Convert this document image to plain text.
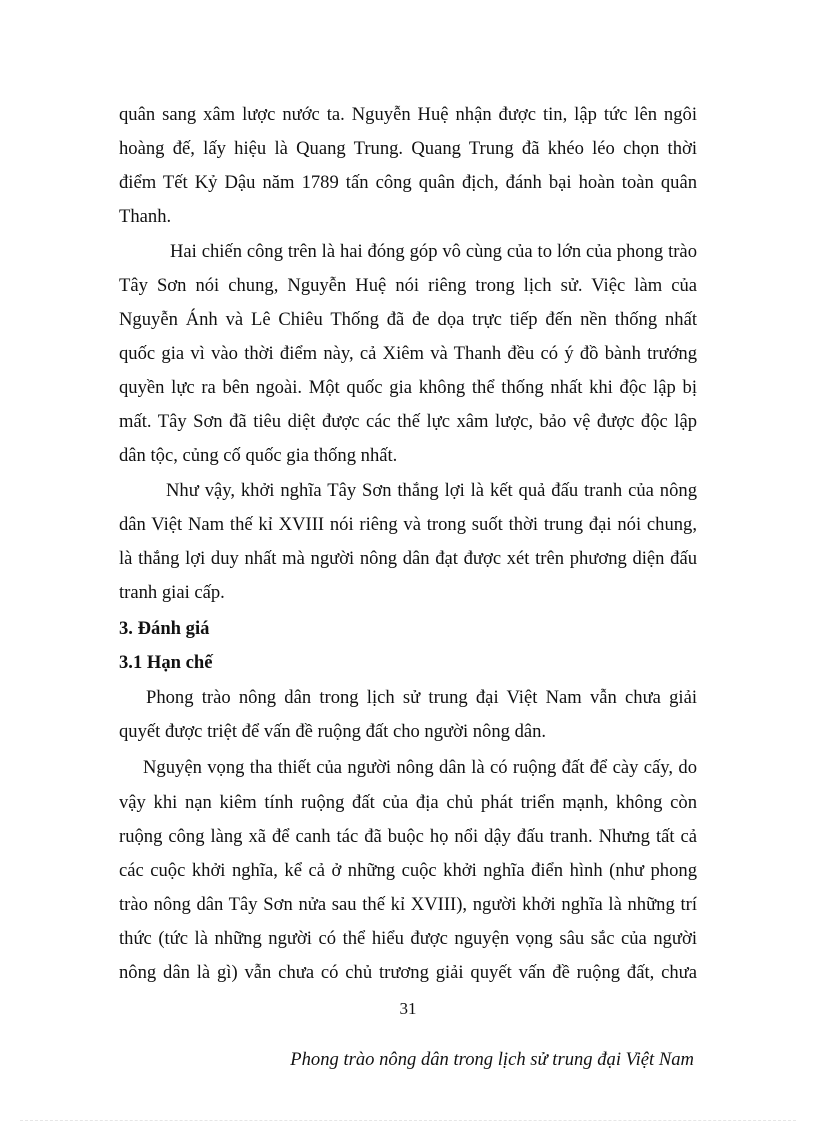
quân sang xâm lược nước ta. Nguyễn Huệ nhận được tin, lập tức lên ngôi
hoàng đế, lấy hiệu là Quang Trung. Quang Trung đã khéo léo chọn thời
điểm Tết Kỷ Dậu năm 1789 tấn công quân địch, đánh bại hoàn toàn quân
Thanh.
Hai chiến công trên là hai đóng góp vô cùng của to lớn của phong trào
Tây Sơn nói chung, Nguyễn Huệ nói riêng trong lịch sử. Việc làm của
Nguyễn Ánh và Lê Chiêu Thống đã đe dọa trực tiếp đến nền thống nhất
quốc gia vì vào thời điểm này, cả Xiêm và Thanh đều có ý đồ bành trướng
quyền lực ra bên ngoài. Một quốc gia không thể thống nhất khi độc lập bị
mất. Tây Sơn đã tiêu diệt được các thế lực xâm lược, bảo vệ được độc lập
dân tộc, củng cố quốc gia thống nhất.
Như vậy, khởi nghĩa Tây Sơn thắng lợi là kết quả đấu tranh của nông
dân Việt Nam thế kỉ XVIII nói riêng và trong suốt thời trung đại nói chung,
là thắng lợi duy nhất mà người nông dân đạt được xét trên phương diện đấu
tranh giai cấp.
3. Đánh giá
3.1 Hạn chế
Phong trào nông dân trong lịch sử trung đại Việt Nam vẫn chưa giải
quyết được triệt để vấn đề ruộng đất cho người nông dân.
Nguyện vọng tha thiết của người nông dân là có ruộng đất để cày cấy, do
vậy khi nạn kiêm tính ruộng đất của địa chủ phát triển mạnh, không còn
ruộng công làng xã để canh tác đã buộc họ nổi dậy đấu tranh. Nhưng tất cả
các cuộc khởi nghĩa, kể cả ở những cuộc khởi nghĩa điển hình (như phong
trào nông dân Tây Sơn nửa sau thế kỉ XVIII), người khởi nghĩa là những trí
thức (tức là những người có thể hiểu được nguyện vọng sâu sắc của người
nông dân là gì) vẫn chưa có chủ trương giải quyết vấn đề ruộng đất, chưa
31
Phong trào nông dân trong lịch sử trung đại Việt Nam
